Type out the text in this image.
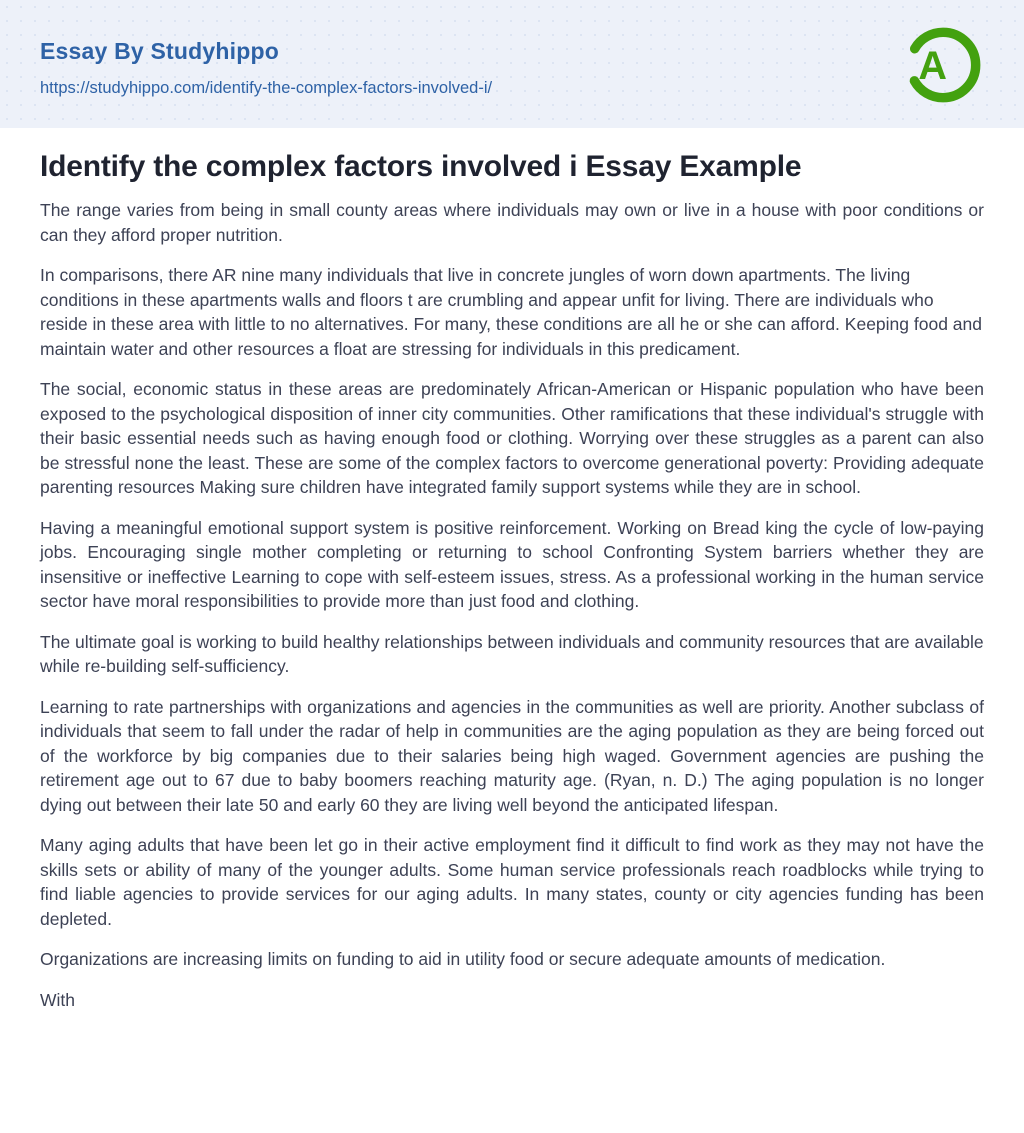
Essay By Studyhippo
https://studyhippo.com/identify-the-complex-factors-involved-i/
A
Identify the complex factors involved i Essay Example

The range varies from being in small county areas where individuals may own or live in a house with poor conditions or can they afford proper nutrition.

In comparisons, there AR nine many individuals that live in concrete jungles of worn down apartments. The living conditions in these apartments walls and floors t are crumbling and appear unfit for living. There are individuals who reside in these area with little to no alternatives. For many, these conditions are all he or she can afford. Keeping food and maintain water and other resources a float are stressing for individuals in this predicament.

The social, economic status in these areas are predominately African-American or Hispanic population who have been exposed to the psychological disposition of inner city communities. Other ramifications that these individual's struggle with their basic essential needs such as having enough food or clothing. Worrying over these struggles as a parent can also be stressful none the least. These are some of the complex factors to overcome generational poverty: Providing adequate parenting resources Making sure children have integrated family support systems while they are in school.

Having a meaningful emotional support system is positive reinforcement. Working on Bread king the cycle of low-paying jobs. Encouraging single mother completing or returning to school Confronting System barriers whether they are insensitive or ineffective Learning to cope with self-esteem issues, stress. As a professional working in the human service sector have moral responsibilities to provide more than just food and clothing.

The ultimate goal is working to build healthy relationships between individuals and community resources that are available while re-building self-sufficiency.

Learning to rate partnerships with organizations and agencies in the communities as well are priority. Another subclass of individuals that seem to fall under the radar of help in communities are the aging population as they are being forced out of the workforce by big companies due to their salaries being high waged. Government agencies are pushing the retirement age out to 67 due to baby boomers reaching maturity age. (Ryan, n. D.) The aging population is no longer dying out between their late 50 and early 60 they are living well beyond the anticipated lifespan.

Many aging adults that have been let go in their active employment find it difficult to find work as they may not have the skills sets or ability of many of the younger adults. Some human service professionals reach roadblocks while trying to find liable agencies to provide services for our aging adults. In many states, county or city agencies funding has been depleted.

Organizations are increasing limits on funding to aid in utility food or secure adequate amounts of medication.

With
